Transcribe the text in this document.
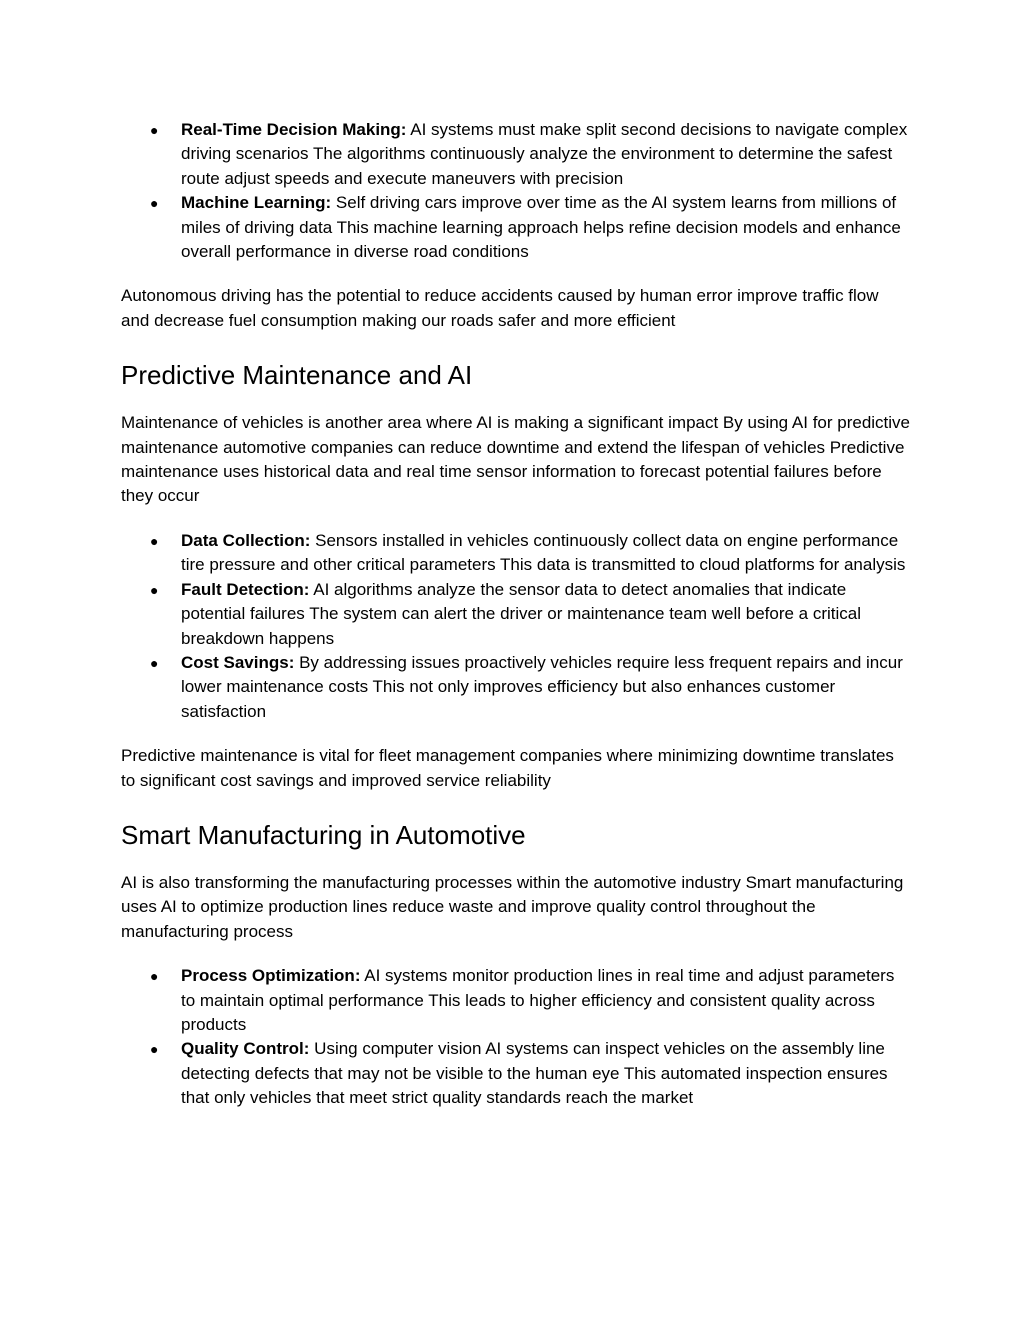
● Real-Time Decision Making: AI systems must make split second decisions to navigate complex driving scenarios The algorithms continuously analyze the environment to determine the safest route adjust speeds and execute maneuvers with precision
● Machine Learning: Self driving cars improve over time as the AI system learns from millions of miles of driving data This machine learning approach helps refine decision models and enhance overall performance in diverse road conditions

Autonomous driving has the potential to reduce accidents caused by human error improve traffic flow and decrease fuel consumption making our roads safer and more efficient

Predictive Maintenance and AI

Maintenance of vehicles is another area where AI is making a significant impact By using AI for predictive maintenance automotive companies can reduce downtime and extend the lifespan of vehicles Predictive maintenance uses historical data and real time sensor information to forecast potential failures before they occur

● Data Collection: Sensors installed in vehicles continuously collect data on engine performance tire pressure and other critical parameters This data is transmitted to cloud platforms for analysis
● Fault Detection: AI algorithms analyze the sensor data to detect anomalies that indicate potential failures The system can alert the driver or maintenance team well before a critical breakdown happens
● Cost Savings: By addressing issues proactively vehicles require less frequent repairs and incur lower maintenance costs This not only improves efficiency but also enhances customer satisfaction

Predictive maintenance is vital for fleet management companies where minimizing downtime translates to significant cost savings and improved service reliability

Smart Manufacturing in Automotive

AI is also transforming the manufacturing processes within the automotive industry Smart manufacturing uses AI to optimize production lines reduce waste and improve quality control throughout the manufacturing process

● Process Optimization: AI systems monitor production lines in real time and adjust parameters to maintain optimal performance This leads to higher efficiency and consistent quality across products
● Quality Control: Using computer vision AI systems can inspect vehicles on the assembly line detecting defects that may not be visible to the human eye This automated inspection ensures that only vehicles that meet strict quality standards reach the market
